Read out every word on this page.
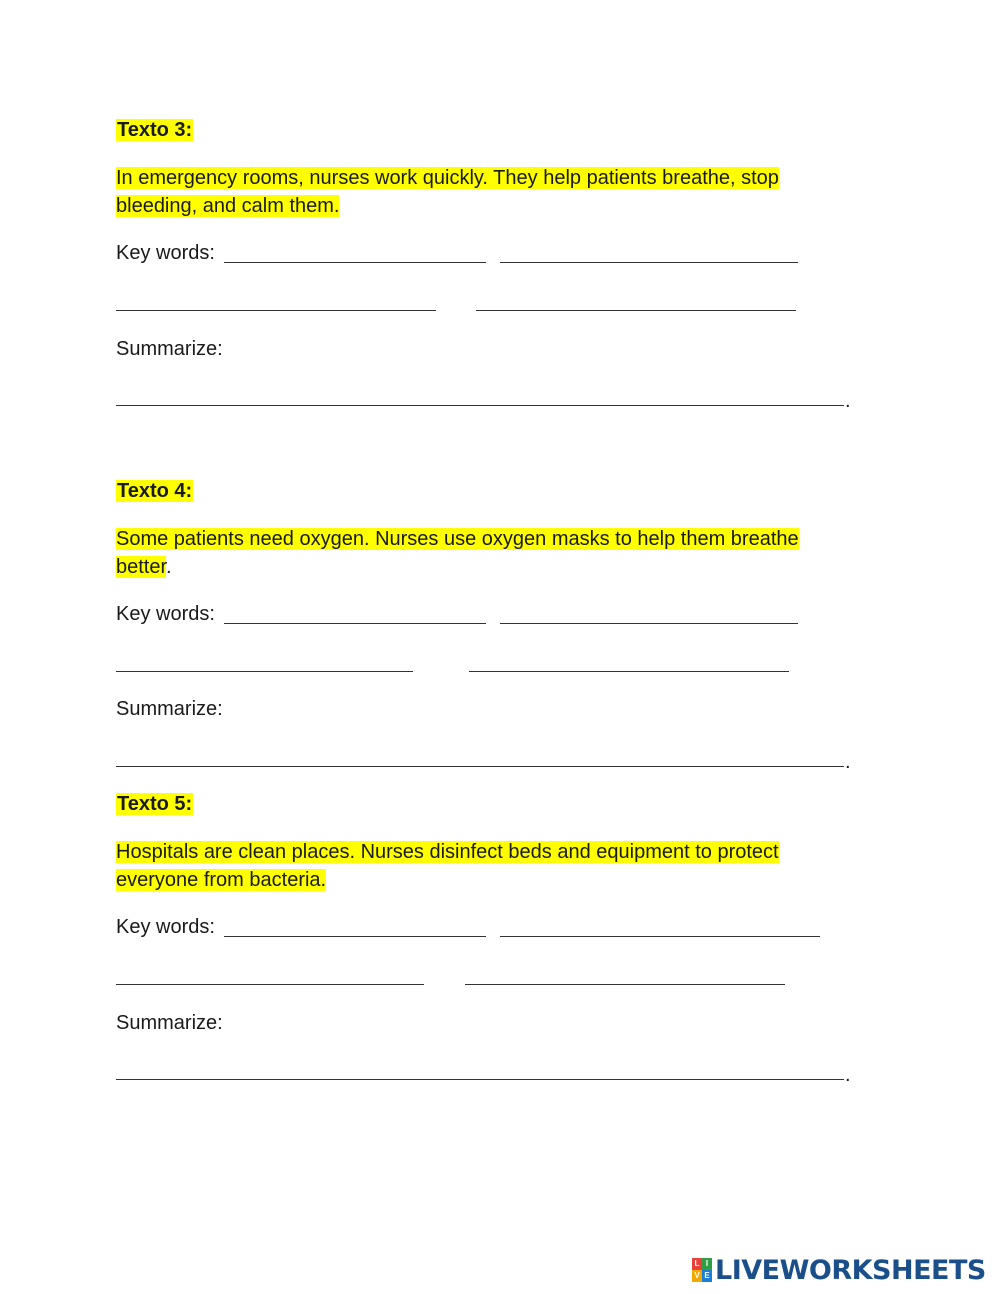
Texto 3:
In emergency rooms, nurses work quickly. They help patients breathe, stop bleeding, and calm them.
Key words:
Summarize:
.
Texto 4:
Some patients need oxygen. Nurses use oxygen masks to help them breathe better.
Key words:
Summarize:
.
Texto 5:
Hospitals are clean places. Nurses disinfect beds and equipment to protect everyone from bacteria.
Key words:
Summarize:
.
L I
V E LIVEWORKSHEETS
